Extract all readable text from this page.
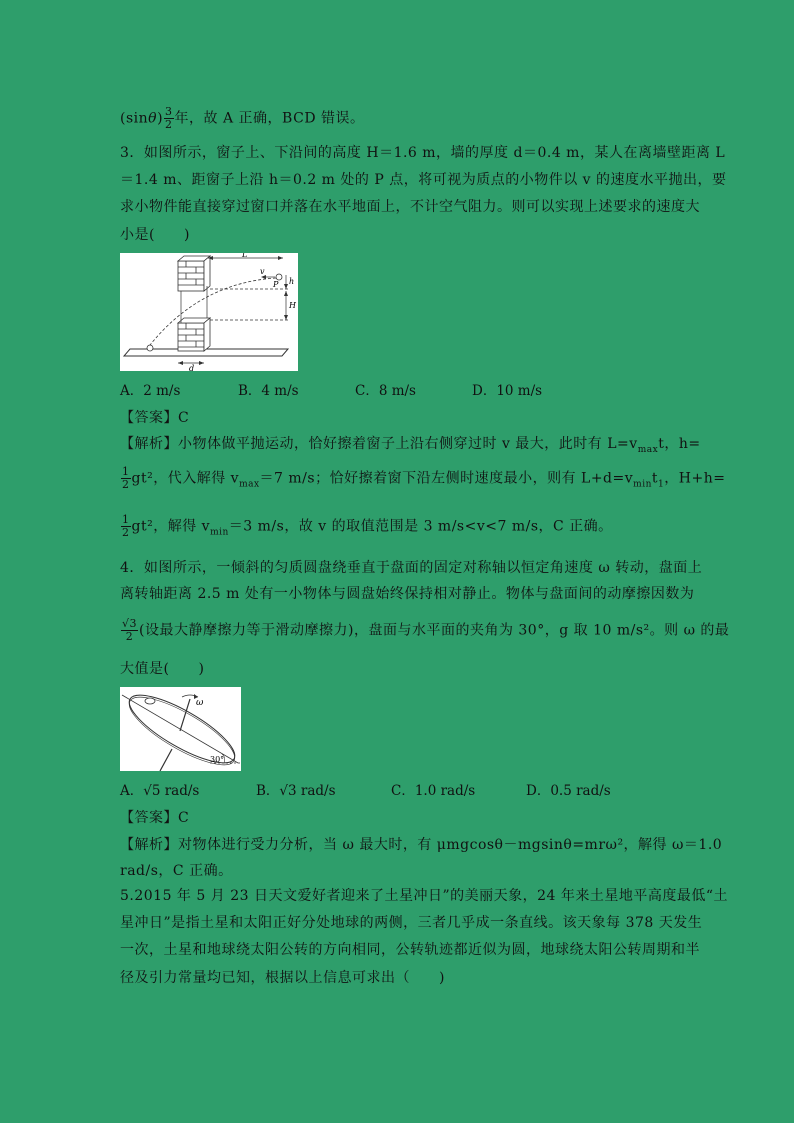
$(\sin\theta) \frac{3}{2}$ 年，故 A 正确，BCD 错误。
3．如图所示，窗子上、下沿间的高度 H＝1.6 m，墙的厚度 d＝0.4 m，某人在离墙壁距离 L
＝1.4 m、距窗子上沿 h＝0.2 m 处的 P 点，将可视为质点的小物件以 v 的速度水平抛出，要
求小物件能直接穿过窗口并落在水平地面上，不计空气阻力。则可以实现上述要求的速度大
小是(　　)
L
v
P h
H
d
A．2 m/s	B．4 m/s	C．8 m/s	D．10 m/s
【答案】C
【解析】小物体做平抛运动，恰好擦着窗子上沿右侧穿过时 v 最大，此时有 $L=v_{max}t$，h=
$\frac{1}{2} gt^2$，代入解得 $v_{max}=7$ m/s；恰好擦着窗下沿左侧时速度最小，则有 $L+d=v_{min}t_1$，H+h=
$\frac{1}{2} gt^2$，解得 $v_{min}=3$ m/s，故 v 的取值范围是 3 m/s<v<7 m/s，C 正确。
4．如图所示，一倾斜的匀质圆盘绕垂直于盘面的固定对称轴以恒定角速度 ω 转动，盘面上
离转轴距离 2.5 m 处有一小物体与圆盘始终保持相对静止。物体与盘面间的动摩擦因数为
$\frac{√3}{2}$ (设最大静摩擦力等于滑动摩擦力)，盘面与水平面的夹角为 30°，g 取 10 m/s²。则 ω 的最
大值是(　　)
ω
30°
A．√5 rad/s	B．√3 rad/s	C．1.0 rad/s	D．0.5 rad/s
【答案】C
【解析】对物体进行受力分析，当 ω 最大时，有 μmgcosθ－mgsinθ=mrω²，解得 ω＝1.0
rad/s，C 正确。
5.2015 年 5 月 23 日天文爱好者迎来了土星冲日”的美丽天象，24 年来土星地平高度最低“土
星冲日”是指土星和太阳正好分处地球的两侧，三者几乎成一条直线。该天象每 378 天发生
一次，土星和地球绕太阳公转的方向相同，公转轨迹都近似为圆，地球绕太阳公转周期和半
径及引力常量均已知，根据以上信息可求出（　　)
